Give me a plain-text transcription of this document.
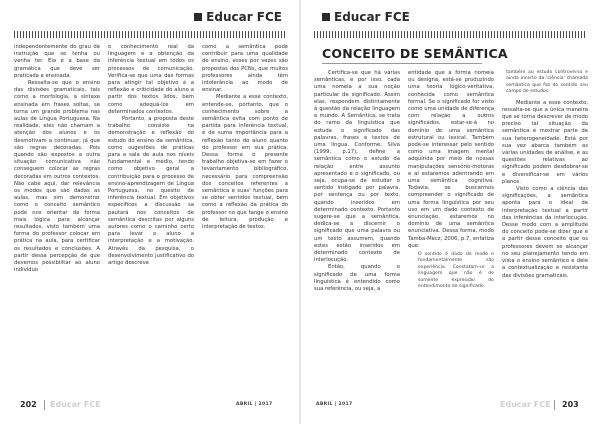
Educar FCE

independentemente do grau de instrução que se tenha ou venha ter. Ela é a base da gramática que deve ser praticada e ensinada.

Ressalta-se que o ensino das divisões gramaticais, tais como a morfologia, a sintaxe ensinada em frases soltas, se torna um grande problema nas aulas de Língua Portuguesa. Na realidade, eles não chamam a atenção dos alunos e os desmotivam a continuar, já que são regras decoradas. Pois quando são expostos a outra situação comunicativa não conseguem colocar as regras decoradas em outros contextos. Não cabe aqui, dar relevância os modos que são dadas as aulas, mas sim demonstrar como o conceito semântico pode nos orientar de forma mais lógica para alcançar resultados, visto também uma forma do professor colocar em prática na aula, para certificar os resultados e conclusões. A partir dessa percepção de que devemos possibilitar ao aluno individuo

o conhecimento real da linguagem e a obtenção da inferência textual em todos os processos de comunicação. Verifica-se que uma das formas para atingir tal objetivo é a reflexão e criticidade do aluno a partir dos textos lidos, bem como adequá-los em determinados contextos.

Portanto, a proposta deste trabalho consiste na demonstração e reflexão do estudo do ensino da semântica, como sugestões de práticas para a sala de aula nos níveis fundamental e médio, tendo como objetivo geral a contribuição para o processo de ensino-aprendizagem de Língua Portuguesa, no quesito de inferência textual. Em objetivos específicos a discussão sa pautará nos conceitos de semântica descritas por alguns autores como o caminho certo para levar o aluno a interpretação e a motivação. Através da pesquisa, o desenvolvimento justificativo do artigo descreve

como a semântica pode contribuir para uma qualidade de ensino, esses por vezes são propostas dos PCNs, que muitos professores ainda têm intolerância ao modo de ensinar.

Mediante a esse contexto, entende-se, portanto, que o conhecimento sobre a semântica evita com ponto de partida para inferência textual, é de suma importância para a reflexão tanto do aluno quanto do professor em sua prática. Dessa forma o presente trabalho objetiva-se em fazer o levantamento bibliográfico, necessário para compreensão dos conceitos referentes a semântica e suas' funções para se obter sentidos textual, bem como a reflexão da prática do professor no que tange o ensino de leitura, produção e interpretação de textos.

202 Educar FCE	ABRIL | 2017
Educar FCE
CONCEITO DE SEMÂNTICA

Certifica-se que há várias semânticas, e por isso, cada uma nomeia a sua noção particular de significado. Assim elas, respondem distintamente à questão da relação linguagem e mundo. A Semântica, se trata do ramo da linguística que estuda o significado das palavras, frases e textos de uma língua. Conforme, Silva (1999, p.17), define a semântica como o estudo da relação entre assunto apresentado e o significado, ou seja, ocupa-se de estudar o sentido instigado por palavra, por sentença ou por texto, quando inseridos em determinado contexto. Portanto sugere-se que a semântica, dedica-se a discernir o significado que uma palavra ou um texto assumem, quando estes estão inseridos em determinado contexto de interlocução.

Então, quando o significado de uma forma linguística é entendido como sua referência, ou seja, a

entidade que a forma nomeia ou designa, está-se produzindo uma teoria lógico-veritativa, conhecida como semântica formal. Se o significado for visto como uma unidade de diferença com relação a outros significados, estar-se-á no domínio de uma semântica estrutural ou lexical. Também pode-se interessar pelo sentido como uma imagem mental adquirida por meio de nossas manipulações sensório-motoras e aí estaremos adentrando em uma semântica cognitiva. Todavia, se buscarmos compreender o significado de uma forma linguística por seu uso em um dado contexto de enunciação, estaremos no domínio de uma semântica enunciativa. Dessa forma, modo Tamba-Mecz, 2006, p.7, enfatiza que:

O sentido é dado de modo e fundamentalmente são experiência. Constatam-se a linguagem que não é de somente expressão do entendimento do significado
também ao estudo controverso e ainda incerto da 'ciência' chamada semântica que faz do sentido seu campo de estudos.

Mediante a esse contexto, ressalta-se que a única maneira que se torna descrever de modo preciso tal situação da semântica é mostrar parte de sua heterogeneidade. Está por sua vez abarca também as várias unidades de análise, e as questões relativas ao significado podem desdobrar-se e diversificar-se em vários planos.

Visto como a ciência das significações, a semântica aponta para o ideal de interpretação textual a partir das inferências da interlocução. Desse modo com a amplitude do conceito pode-se dizer que é a partir desse conceito que os professores devem se alcançar no seu planejamento tendo em vista o ensino semântico e dele a contextualização e resistante das divisões gramaticais.

ABRIL | 2017	Educar FCE 203
